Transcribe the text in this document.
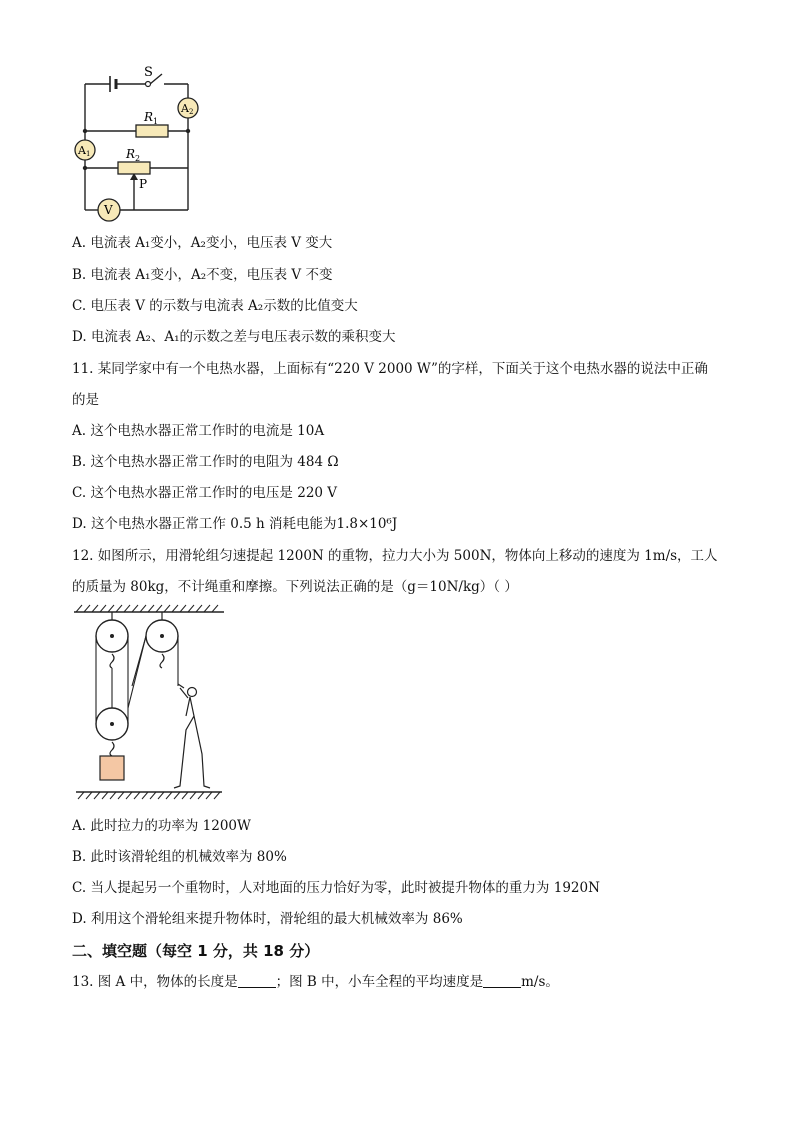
S
$R_1$
$R_2$
P
A2
A1
V
A. 电流表 A₁变小，A₂变小，电压表 V 变大
B. 电流表 A₁变小，A₂不变，电压表 V 不变
C. 电压表 V 的示数与电流表 A₂示数的比值变大
D. 电流表 A₂、A₁的示数之差与电压表示数的乘积变大
11. 某同学家中有一个电热水器，上面标有“220 V 2000 W”的字样，下面关于这个电热水器的说法中正确
的是
A. 这个电热水器正常工作时的电流是 10A
B. 这个电热水器正常工作时的电阻为 484 Ω
C. 这个电热水器正常工作时的电压是 220 V
D. 这个电热水器正常工作 0.5 h 消耗电能为1.8×10⁶J
12. 如图所示，用滑轮组匀速提起 1200N 的重物，拉力大小为 500N，物体向上移动的速度为 1m/s，工人
的质量为 80kg，不计绳重和摩擦。下列说法正确的是（g＝10N/kg）（ ）
A. 此时拉力的功率为 1200W
B. 此时该滑轮组的机械效率为 80%
C. 当人提起另一个重物时，人对地面的压力恰好为零，此时被提升物体的重力为 1920N
D. 利用这个滑轮组来提升物体时，滑轮组的最大机械效率为 86%
二、填空题（每空 1 分，共 18 分）
13. 图 A 中，物体的长度是	；图 B 中，小车全程的平均速度是	m/s。
